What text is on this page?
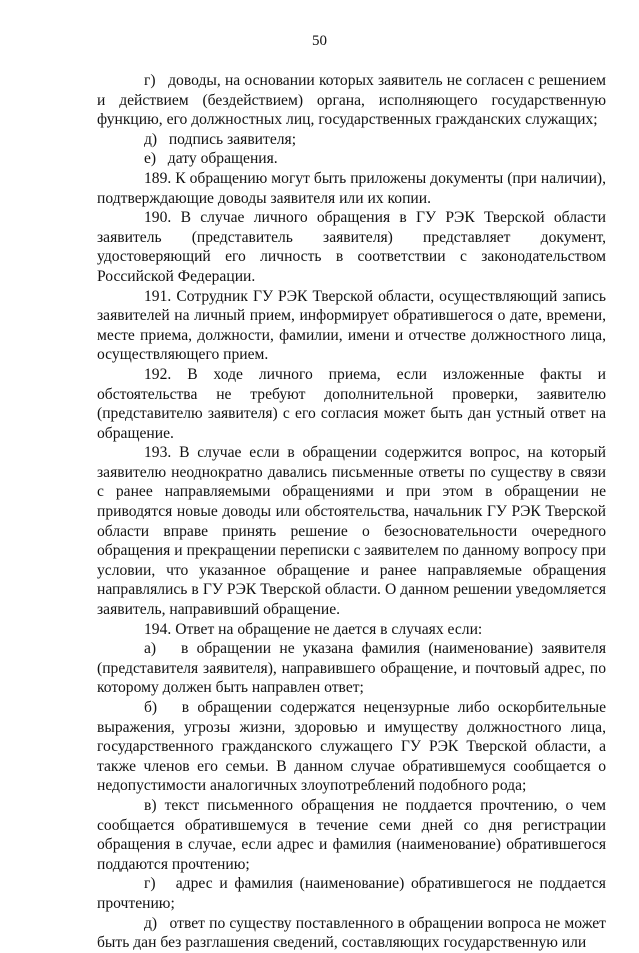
50

г)   доводы, на основании которых заявитель не согласен с решением и действием (бездействием) органа, исполняющего государственную функцию, его должностных лиц, государственных гражданских служащих;

д)   подпись заявителя;

е)   дату обращения.

189. К обращению могут быть приложены документы (при наличии), подтверждающие доводы заявителя или их копии.

190. В случае личного обращения в ГУ РЭК Тверской области заявитель (представитель заявителя) представляет документ, удостоверяющий его личность в соответствии с законодательством Российской Федерации.

191. Сотрудник ГУ РЭК Тверской области, осуществляющий запись заявителей на личный прием, информирует обратившегося о дате, времени, месте приема, должности, фамилии, имени и отчестве должностного лица, осуществляющего прием.

192. В ходе личного приема, если изложенные факты и обстоятельства не требуют дополнительной проверки, заявителю (представителю заявителя) с его согласия может быть дан устный ответ на обращение.

193. В случае если в обращении содержится вопрос, на который заявителю неоднократно давались письменные ответы по существу в связи с ранее направляемыми обращениями и при этом в обращении не приводятся новые доводы или обстоятельства, начальник ГУ РЭК Тверской области вправе принять решение о безосновательности очередного обращения и прекращении переписки с заявителем по данному вопросу при условии, что указанное обращение и ранее направляемые обращения направлялись в ГУ РЭК Тверской области. О данном решении уведомляется заявитель, направивший обращение.

194. Ответ на обращение не дается в случаях если:

а)   в обращении не указана фамилия (наименование) заявителя (представителя заявителя), направившего обращение, и почтовый адрес, по которому должен быть направлен ответ;

б)   в обращении содержатся нецензурные либо оскорбительные выражения, угрозы жизни, здоровью и имуществу должностного лица, государственного гражданского служащего ГУ РЭК Тверской области, а также членов его семьи. В данном случае обратившемуся сообщается о недопустимости аналогичных злоупотреблений подобного рода;

в) текст письменного обращения не поддается прочтению, о чем сообщается обратившемуся в течение семи дней со дня регистрации обращения в случае, если адрес и фамилия (наименование) обратившегося поддаются прочтению;

г)   адрес и фамилия (наименование) обратившегося не поддается прочтению;

д)   ответ по существу поставленного в обращении вопроса не может быть дан без разглашения сведений, составляющих государственную или
